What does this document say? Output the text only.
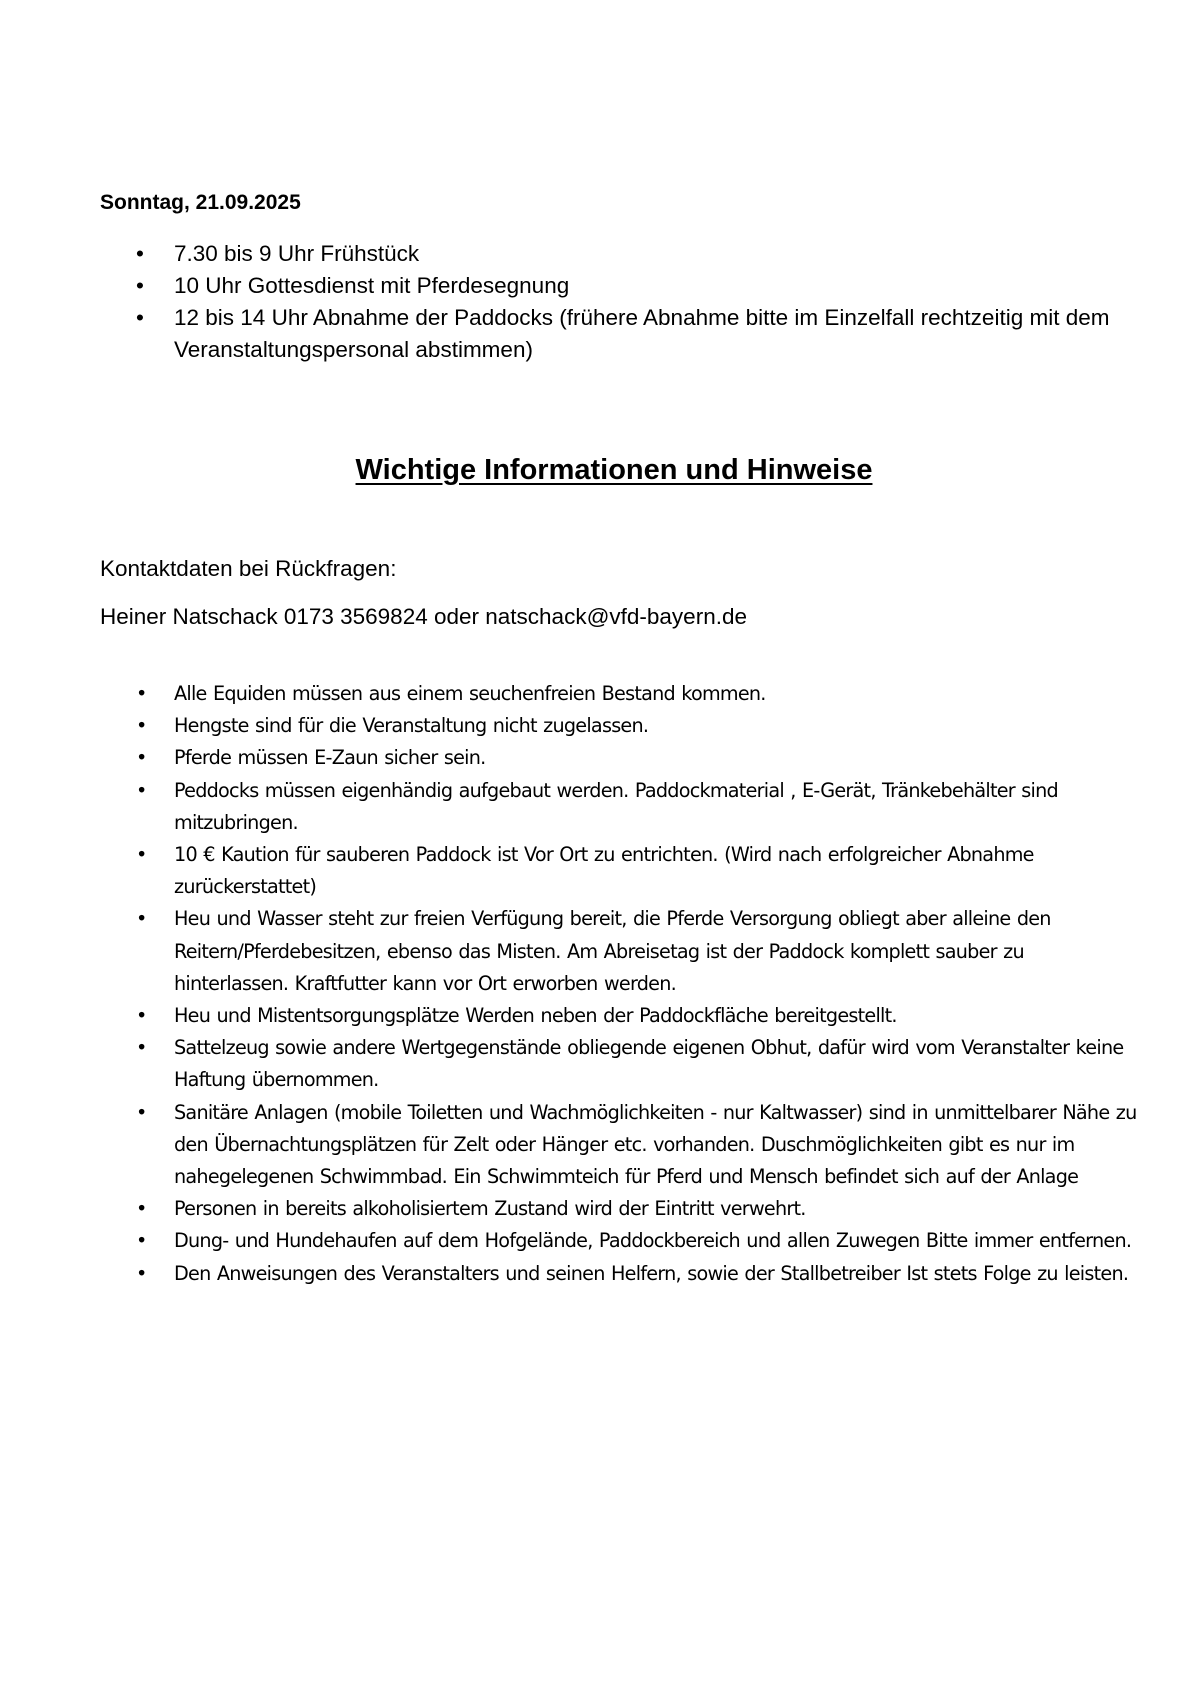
Sonntag, 21.09.2025

• 7.30 bis 9 Uhr Frühstück
• 10 Uhr Gottesdienst mit Pferdesegnung
• 12 bis 14 Uhr Abnahme der Paddocks (frühere Abnahme bitte im Einzelfall rechtzeitig mit dem Veranstaltungspersonal abstimmen)
Wichtige Informationen und Hinweise

Kontaktdaten bei Rückfragen:

Heiner Natschack 0173 3569824 oder natschack@vfd-bayern.de

• Alle Equiden müssen aus einem seuchenfreien Bestand kommen.
• Hengste sind für die Veranstaltung nicht zugelassen.
• Pferde müssen E-Zaun sicher sein.
• Peddocks müssen eigenhändig aufgebaut werden. Paddockmaterial , E-Gerät, Tränkebehälter sind mitzubringen.
• 10 € Kaution für sauberen Paddock ist Vor Ort zu entrichten. (Wird nach erfolgreicher Abnahme zurückerstattet)
• Heu und Wasser steht zur freien Verfügung bereit, die Pferde Versorgung obliegt aber alleine den Reitern/Pferdebesitzen, ebenso das Misten. Am Abreisetag ist der Paddock komplett sauber zu hinterlassen. Kraftfutter kann vor Ort erworben werden.
• Heu und Mistentsorgungsplätze Werden neben der Paddockfläche bereitgestellt.
• Sattelzeug sowie andere Wertgegenstände obliegende eigenen Obhut, dafür wird vom Veranstalter keine Haftung übernommen.
• Sanitäre Anlagen (mobile Toiletten und Wachmöglichkeiten - nur Kaltwasser) sind in unmittelbarer Nähe zu den Übernachtungsplätzen für Zelt oder Hänger etc. vorhanden. Duschmöglichkeiten gibt es nur im nahegelegenen Schwimmbad. Ein Schwimmteich für Pferd und Mensch befindet sich auf der Anlage
• Personen in bereits alkoholisiertem Zustand wird der Eintritt verwehrt.
• Dung- und Hundehaufen auf dem Hofgelände, Paddockbereich und allen Zuwegen Bitte immer entfernen.
• Den Anweisungen des Veranstalters und seinen Helfern, sowie der Stallbetreiber Ist stets Folge zu leisten.
